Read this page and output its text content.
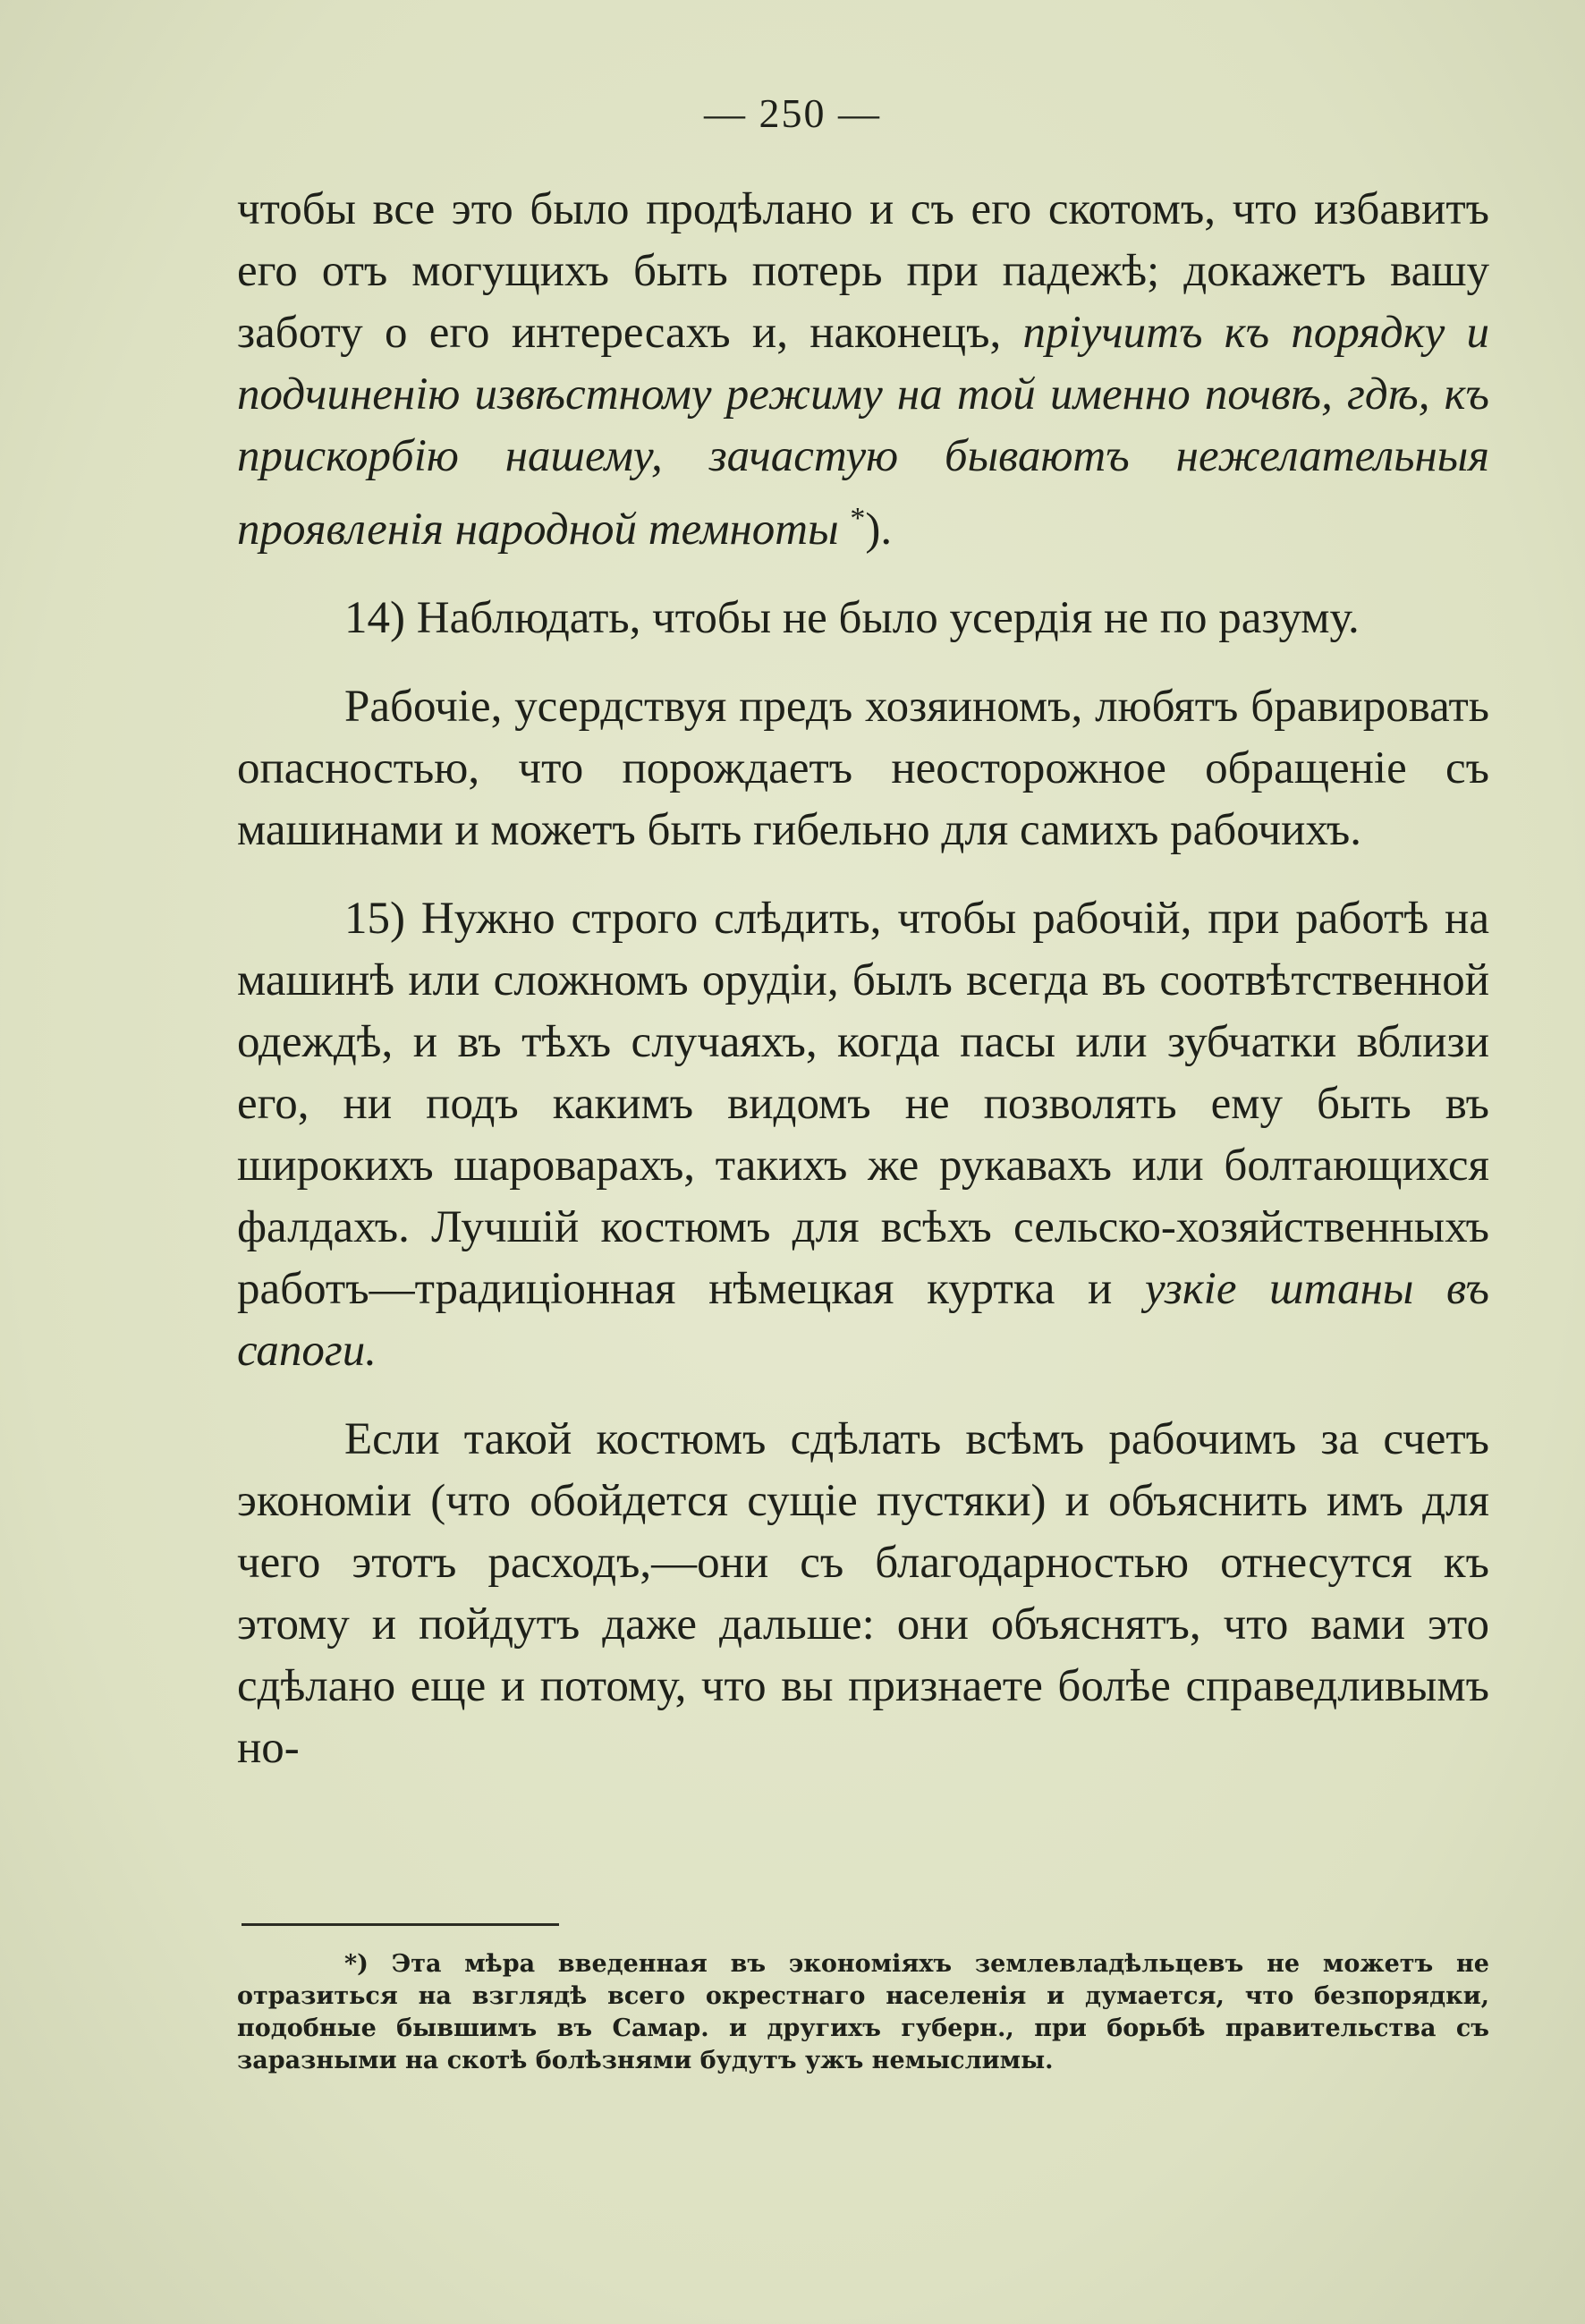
— 250 —

чтобы все это было продѣлано и съ его скотомъ, что избавитъ его отъ могущихъ быть потерь при падежѣ; докажетъ вашу заботу о его интересахъ и, наконецъ, пріучитъ къ порядку и подчиненію извѣстному режиму на той именно почвѣ, гдѣ, къ прискорбію нашему, зачастую бываютъ нежелательныя проявленія народной темноты *).

14) Наблюдать, чтобы не было усердія не по разуму.

Рабочіе, усердствуя предъ хозяиномъ, любятъ бравировать опасностью, что порождаетъ неосторожное обращеніе съ машинами и можетъ быть гибельно для самихъ рабочихъ.

15) Нужно строго слѣдить, чтобы рабочій, при работѣ на машинѣ или сложномъ орудіи, былъ всегда въ соотвѣтственной одеждѣ, и въ тѣхъ случаяхъ, когда пасы или зубчатки вблизи его, ни подъ какимъ видомъ не позволять ему быть въ широкихъ шароварахъ, такихъ же рукавахъ или болтающихся фалдахъ. Лучшій костюмъ для всѣхъ сельско-хозяйственныхъ работъ—традиціонная нѣмецкая куртка и узкіе штаны въ сапоги.

Если такой костюмъ сдѣлать всѣмъ рабочимъ за счетъ экономіи (что обойдется сущіе пустяки) и объяснить имъ для чего этотъ расходъ,—они съ благодарностью отнесутся къ этому и пойдутъ даже дальше: они объяснятъ, что вами это сдѣлано еще и потому, что вы признаете болѣе справедливымъ но-

*) Эта мѣра введенная въ экономіяхъ землевладѣльцевъ не можетъ не отразиться на взглядѣ всего окрестнаго населенія и думается, что безпорядки, подобные бывшимъ въ Самар. и другихъ губерн., при борьбѣ правительства съ заразными на скотѣ болѣзнями будутъ ужъ немыслимы.
